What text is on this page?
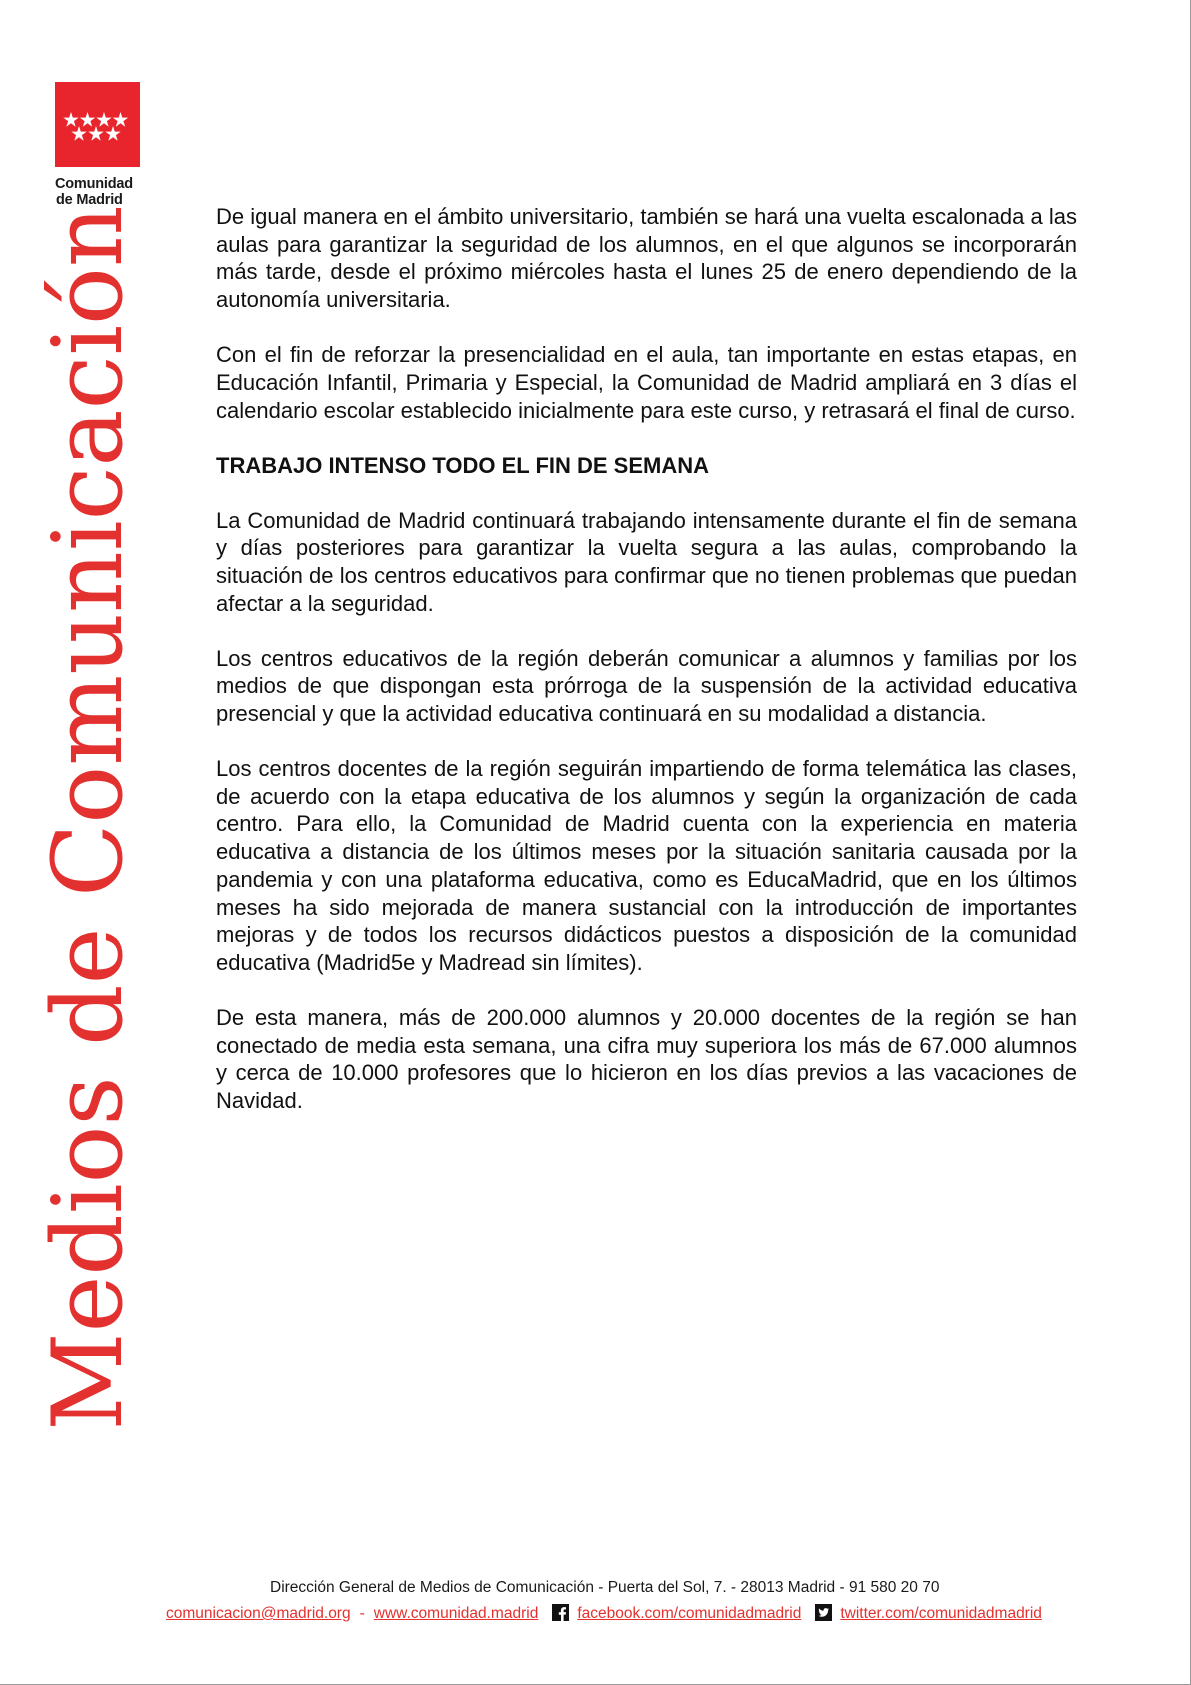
Comunidad
de Madrid
Medios de Comunicación	De igual manera en el ámbito universitario, también se hará una vuelta escalonada a las aulas para garantizar la seguridad de los alumnos, en el que algunos se incorporarán más tarde, desde el próximo miércoles hasta el lunes 25 de enero dependiendo de la autonomía universitaria.

Con el fin de reforzar la presencialidad en el aula, tan importante en estas etapas, en Educación Infantil, Primaria y Especial, la Comunidad de Madrid ampliará en 3 días el calendario escolar establecido inicialmente para este curso, y retrasará el final de curso.

TRABAJO INTENSO TODO EL FIN DE SEMANA

La Comunidad de Madrid continuará trabajando intensamente durante el fin de semana y días posteriores para garantizar la vuelta segura a las aulas, comprobando la situación de los centros educativos para confirmar que no tienen problemas que puedan afectar a la seguridad.

Los centros educativos de la región deberán comunicar a alumnos y familias por los medios de que dispongan esta prórroga de la suspensión de la actividad educativa presencial y que la actividad educativa continuará en su modalidad a distancia.

Los centros docentes de la región seguirán impartiendo de forma telemática las clases, de acuerdo con la etapa educativa de los alumnos y según la organización de cada centro. Para ello, la Comunidad de Madrid cuenta con la experiencia en materia educativa a distancia de los últimos meses por la situación sanitaria causada por la pandemia y con una plataforma educativa, como es EducaMadrid, que en los últimos meses ha sido mejorada de manera sustancial con la introducción de importantes mejoras y de todos los recursos didácticos puestos a disposición de la comunidad educativa (Madrid5e y Madread sin límites).

De esta manera, más de 200.000 alumnos y 20.000 docentes de la región se han conectado de media esta semana, una cifra muy superiora los más de 67.000 alumnos y cerca de 10.000 profesores que lo hicieron en los días previos a las vacaciones de Navidad.

Dirección General de Medios de Comunicación - Puerta del Sol, 7. - 28013 Madrid - 91 580 20 70
comunicacion@madrid.org - www.comunidad.madrid	facebook.com/comunidadmadrid	twitter.com/comunidadmadrid
